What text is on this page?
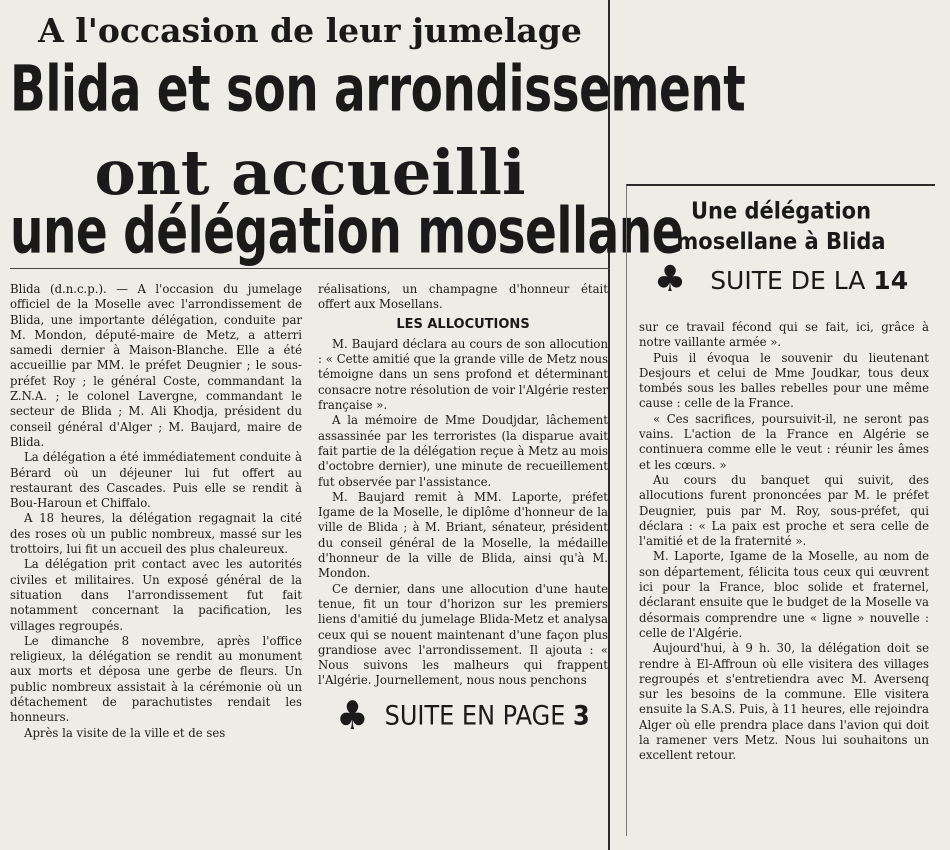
A l'occasion de leur jumelage
Blida et son arrondissement
ont accueilli
une délégation mosellane

Blida (d.n.c.p.). — A l'occasion du jumelage officiel de la Moselle avec l'arrondissement de Blida, une importante délégation, conduite par M. Mondon, député-maire de Metz, a atterri samedi dernier à Maison-Blanche. Elle a été accueillie par MM. le préfet Deugnier ; le sous-préfet Roy ; le général Coste, commandant la Z.N.A. ; le colonel Lavergne, commandant le secteur de Blida ; M. Ali Khodja, président du conseil général d'Alger ; M. Baujard, maire de Blida.

La délégation a été immédiatement conduite à Bérard où un déjeuner lui fut offert au restaurant des Cascades. Puis elle se rendit à Bou-Haroun et Chiffalo.

A 18 heures, la délégation regagnait la cité des roses où un public nombreux, massé sur les trottoirs, lui fit un accueil des plus chaleureux.

La délégation prit contact avec les autorités civiles et militaires. Un exposé général de la situation dans l'arrondissement fut fait notamment concernant la pacification, les villages regroupés.

Le dimanche 8 novembre, après l'office religieux, la délégation se rendit au monument aux morts et déposa une gerbe de fleurs. Un public nombreux assistait à la cérémonie où un détachement de parachutistes rendait les honneurs.

Après la visite de la ville et de ses

réalisations, un champagne d'honneur était offert aux Mosellans.

LES ALLOCUTIONS

M. Baujard déclara au cours de son allocution : « Cette amitié que la grande ville de Metz nous témoigne dans un sens profond et déterminant consacre notre résolution de voir l'Algérie rester française ».

A la mémoire de Mme Doudjdar, lâchement assassinée par les terroristes (la disparue avait fait partie de la délégation reçue à Metz au mois d'octobre dernier), une minute de recueillement fut observée par l'assistance.

M. Baujard remit à MM. Laporte, préfet Igame de la Moselle, le diplôme d'honneur de la ville de Blida ; à M. Briant, sénateur, président du conseil général de la Moselle, la médaille d'honneur de la ville de Blida, ainsi qu'à M. Mondon.

Ce dernier, dans une allocution d'une haute tenue, fit un tour d'horizon sur les premiers liens d'amitié du jumelage Blida-Metz et analysa ceux qui se nouent maintenant d'une façon plus grandiose avec l'arrondissement. Il ajouta : « Nous suivons les malheurs qui frappent l'Algérie. Journellement, nous nous penchons

♣ SUITE EN PAGE 3
Une délégation mosellane à Blida
♣ SUITE DE LA 14

sur ce travail fécond qui se fait, ici, grâce à notre vaillante armée ».

Puis il évoqua le souvenir du lieutenant Desjours et celui de Mme Joudkar, tous deux tombés sous les balles rebelles pour une même cause : celle de la France.

« Ces sacrifices, poursuivit-il, ne seront pas vains. L'action de la France en Algérie se continuera comme elle le veut : réunir les âmes et les cœurs. »

Au cours du banquet qui suivit, des allocutions furent prononcées par M. le préfet Deugnier, puis par M. Roy, sous-préfet, qui déclara : « La paix est proche et sera celle de l'amitié et de la fraternité ».

M. Laporte, Igame de la Moselle, au nom de son département, félicita tous ceux qui œuvrent ici pour la France, bloc solide et fraternel, déclarant ensuite que le budget de la Moselle va désormais comprendre une « ligne » nouvelle : celle de l'Algérie.

Aujourd'hui, à 9 h. 30, la délégation doit se rendre à El-Affroun où elle visitera des villages regroupés et s'entretiendra avec M. Aversenq sur les besoins de la commune. Elle visitera ensuite la S.A.S. Puis, à 11 heures, elle rejoindra Alger où elle prendra place dans l'avion qui doit la ramener vers Metz. Nous lui souhaitons un excellent retour.
